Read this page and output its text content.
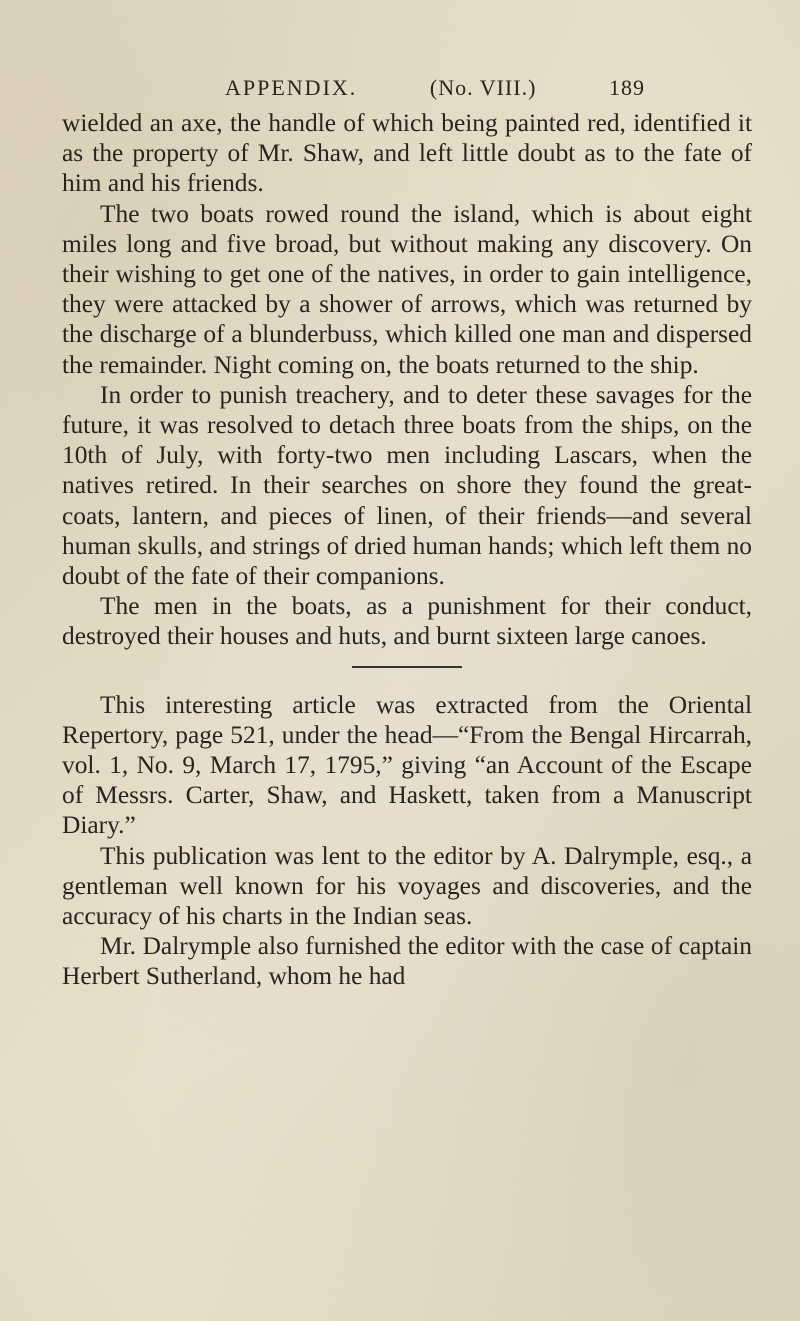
APPENDIX.	(No. VIII.)	189

wielded an axe, the handle of which being painted red, identified it as the property of Mr. Shaw, and left little doubt as to the fate of him and his friends.

The two boats rowed round the island, which is about eight miles long and five broad, but without making any discovery. On their wishing to get one of the natives, in order to gain intelligence, they were attacked by a shower of arrows, which was returned by the discharge of a blunderbuss, which killed one man and dispersed the remainder. Night coming on, the boats returned to the ship.

In order to punish treachery, and to deter these savages for the future, it was resolved to detach three boats from the ships, on the 10th of July, with forty-two men including Lascars, when the natives retired. In their searches on shore they found the great-coats, lantern, and pieces of linen, of their friends—and several human skulls, and strings of dried human hands; which left them no doubt of the fate of their companions.

The men in the boats, as a punishment for their conduct, destroyed their houses and huts, and burnt sixteen large canoes.

This interesting article was extracted from the Oriental Repertory, page 521, under the head—“From the Bengal Hircarrah, vol. 1, No. 9, March 17, 1795,” giving “an Account of the Escape of Messrs. Carter, Shaw, and Haskett, taken from a Manuscript Diary.”

This publication was lent to the editor by A. Dalrymple, esq., a gentleman well known for his voyages and discoveries, and the accuracy of his charts in the Indian seas.

Mr. Dalrymple also furnished the editor with the case of captain Herbert Sutherland, whom he had
